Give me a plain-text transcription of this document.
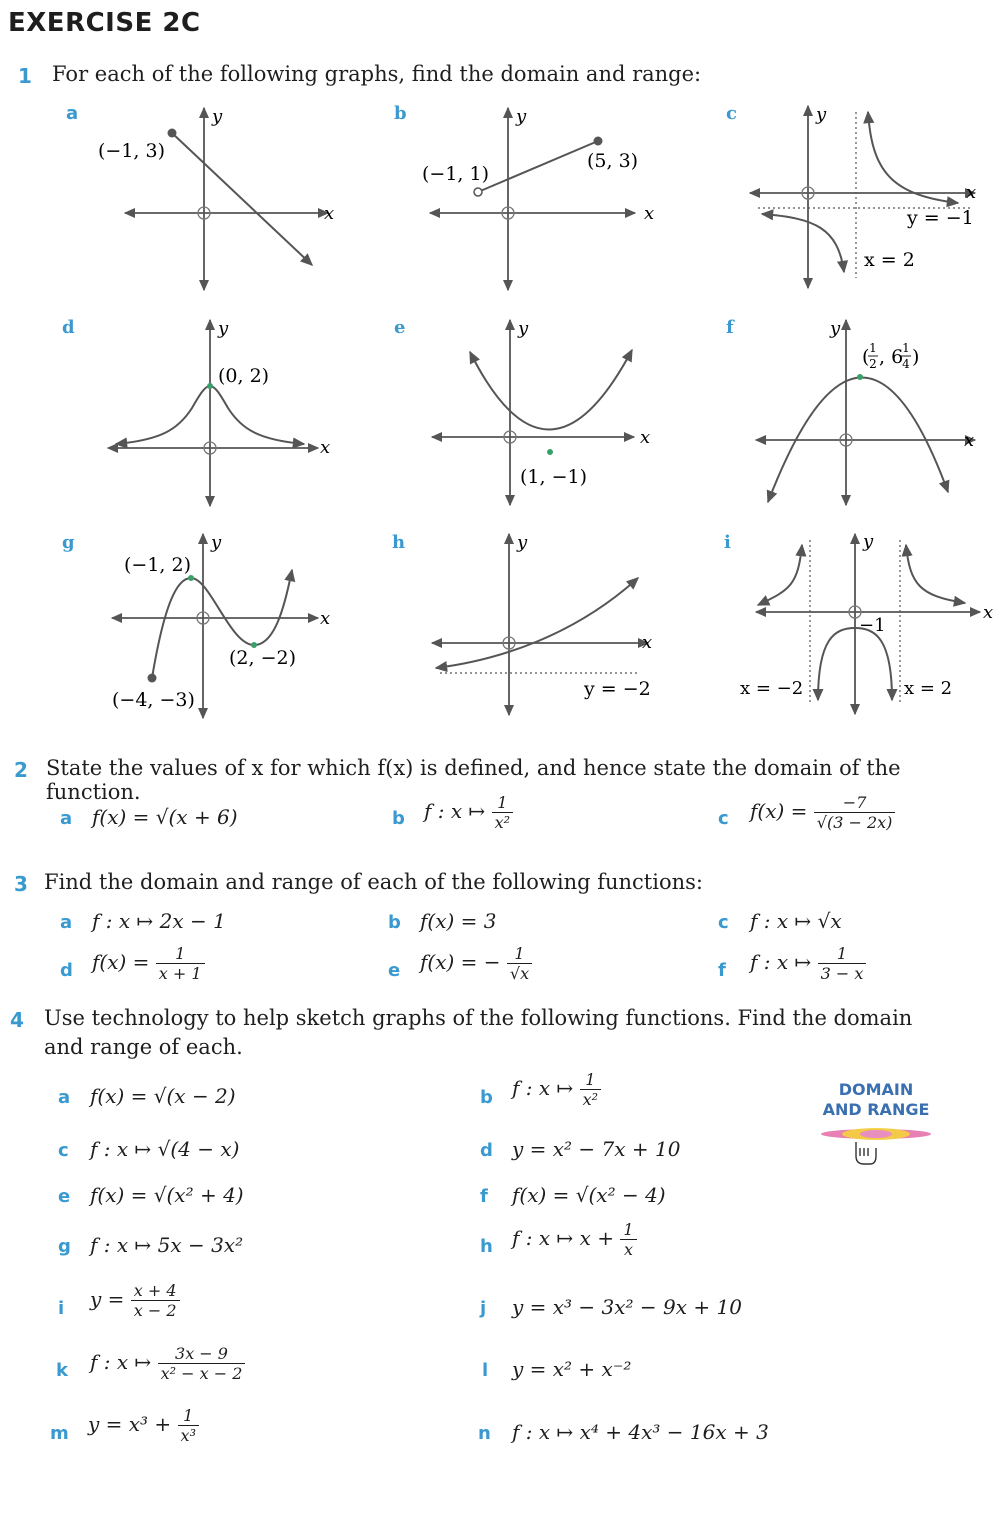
EXERCISE 2C
1 For each of the following graphs, find the domain and range:
a	y
x
(−1, 3)
b	y
x
(−1, 1)
(5, 3)
c	y
x
y = −1
x = 2
d	y
x
(0, 2)
e	y
x
(1, −1)
f	y
x
( 1
2 , 6 1
4 )
g	y
x
(−1, 2)
(2, −2)
(−4, −3)
h	y
x
y = −2
i	y
x
−1
x = −2	x = 2
2 State the values of x for which f(x) is defined, and hence state the domain of the function.
a f(x) = √(x + 6)	b f : x ↦ $\frac{1}{\text{x²}}$	c $f(x) = \frac{-7}{√(3 - 2x)}$
3 Find the domain and range of each of the following functions:
a f : x ↦ 2x − 1	b f(x) = 3	c f : x ↦ √x
d $f(x) = \frac{1}{x + 1}$	e f(x) = − $\frac{1}{√x}$	f f : x ↦ $\frac{1}{3 - x}$
4 Use technology to help sketch graphs of the following functions. Find the domain
and range of each.
DOMAIN
AND RANGE
a f(x) = √(x − 2)	b f : x ↦ $\frac{1}{\text{x²}}$
c f : x ↦ √(4 − x)	d y = x² − 7x + 10
e f(x) = √(x² + 4)	f f(x) = √(x² − 4)
g f : x ↦ 5x − 3x²	h f : x ↦ $x + \frac{1}{x}$
i $y = \frac{x + 4}{x - 2}$	j y = x³ − 3x² − 9x + 10
k f : x ↦ $\frac{3x - 9}{\text{x² − x − 2}}$	l y = x² + x⁻²
m $y = x^3 + \frac{1}{\text{x³}}$	n f : x ↦ x⁴ + 4x³ − 16x + 3
